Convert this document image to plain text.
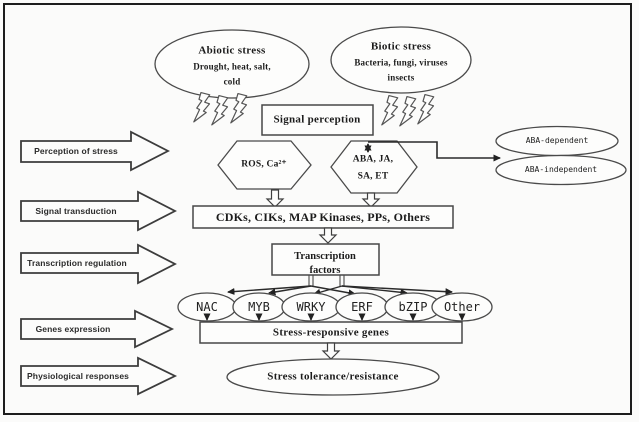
Abiotic stress
Drought, heat, salt,
cold
Biotic stress
Bacteria, fungi, viruses
insects
Signal perception
ROS, Ca²⁺	ABA, JA,
SA, ET
ABA-dependent
ABA-independent
CDKs, CIKs, MAP Kinases, PPs, Others
Transcription
factors
NAC	MYB WRKY ERF bZIP Other
Stress-responsive genes
Stress tolerance/resistance
Perception of stress
Signal transduction
Transcription regulation
Genes expression
Physiological responses
